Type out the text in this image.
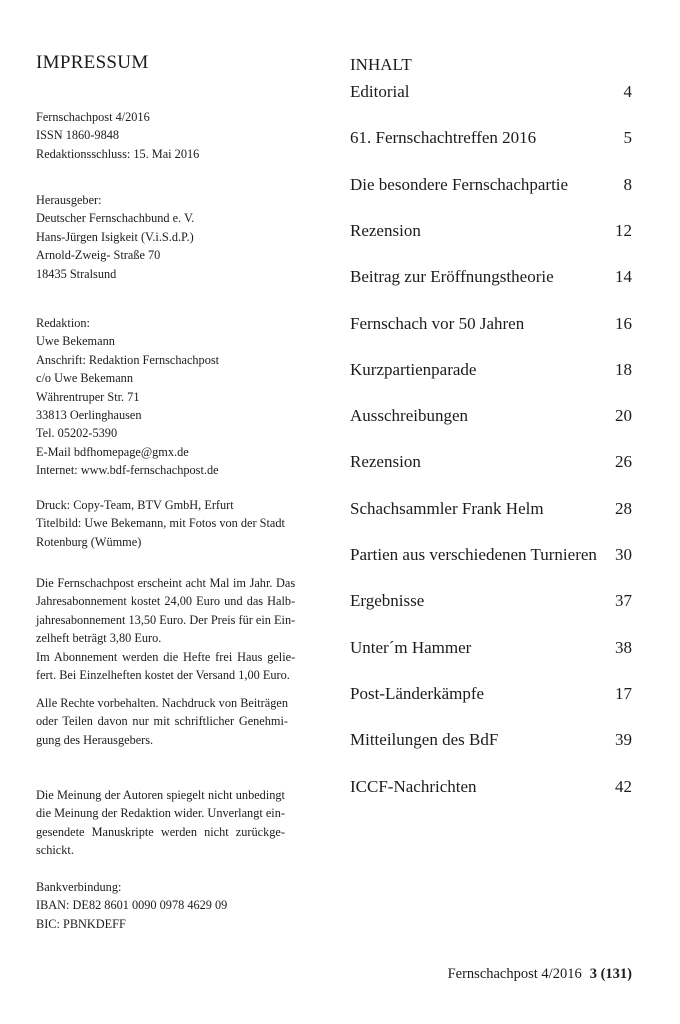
IMPRESSUM
Fernschachpost 4/2016
ISSN 1860-9848
Redaktionsschluss: 15. Mai 2016
Herausgeber:
Deutscher Fernschachbund e. V.
Hans-Jürgen Isigkeit (V.i.S.d.P.)
Arnold-Zweig- Straße 70
18435 Stralsund
Redaktion:
Uwe Bekemann
Anschrift: Redaktion Fernschachpost
c/o Uwe Bekemann
Währentruper Str. 71
33813 Oerlinghausen
Tel. 05202-5390
E-Mail bdfhomepage@gmx.de
Internet: www.bdf-fernschachpost.de
Druck: Copy-Team, BTV GmbH, Erfurt
Titelbild: Uwe Bekemann, mit Fotos von der Stadt
Rotenburg (Wümme)
Die Fernschachpost erscheint acht Mal im Jahr. Das
Jahresabonnement kostet 24,00 Euro und das Halb-
jahresabonnement 13,50 Euro. Der Preis für ein Ein-
zelheft beträgt 3,80 Euro.
Im Abonnement werden die Hefte frei Haus gelie-
fert. Bei Einzelheften kostet der Versand 1,00 Euro.
Alle Rechte vorbehalten. Nachdruck von Beiträgen
oder Teilen davon nur mit schriftlicher Genehmi-
gung des Herausgebers.
Die Meinung der Autoren spiegelt nicht unbedingt
die Meinung der Redaktion wider. Unverlangt ein-
gesendete Manuskripte werden nicht zurückge-
schickt.
Bankverbindung:
IBAN: DE82 8601 0090 0978 4629 09
BIC: PBNKDEFF
INHALT
Editorial	4
61. Fernschachtreffen 2016	5
Die besondere Fernschachpartie	8
Rezension	12
Beitrag zur Eröffnungstheorie	14
Fernschach vor 50 Jahren	16
Kurzpartienparade	18
Ausschreibungen	20
Rezension	26
Schachsammler Frank Helm	28
Partien aus verschiedenen Turnieren 30
Ergebnisse	37
Unter´m Hammer	38
Post-Länderkämpfe	17
Mitteilungen des BdF	39
ICCF-Nachrichten	42
Fernschachpost 4/2016 3 (131)
